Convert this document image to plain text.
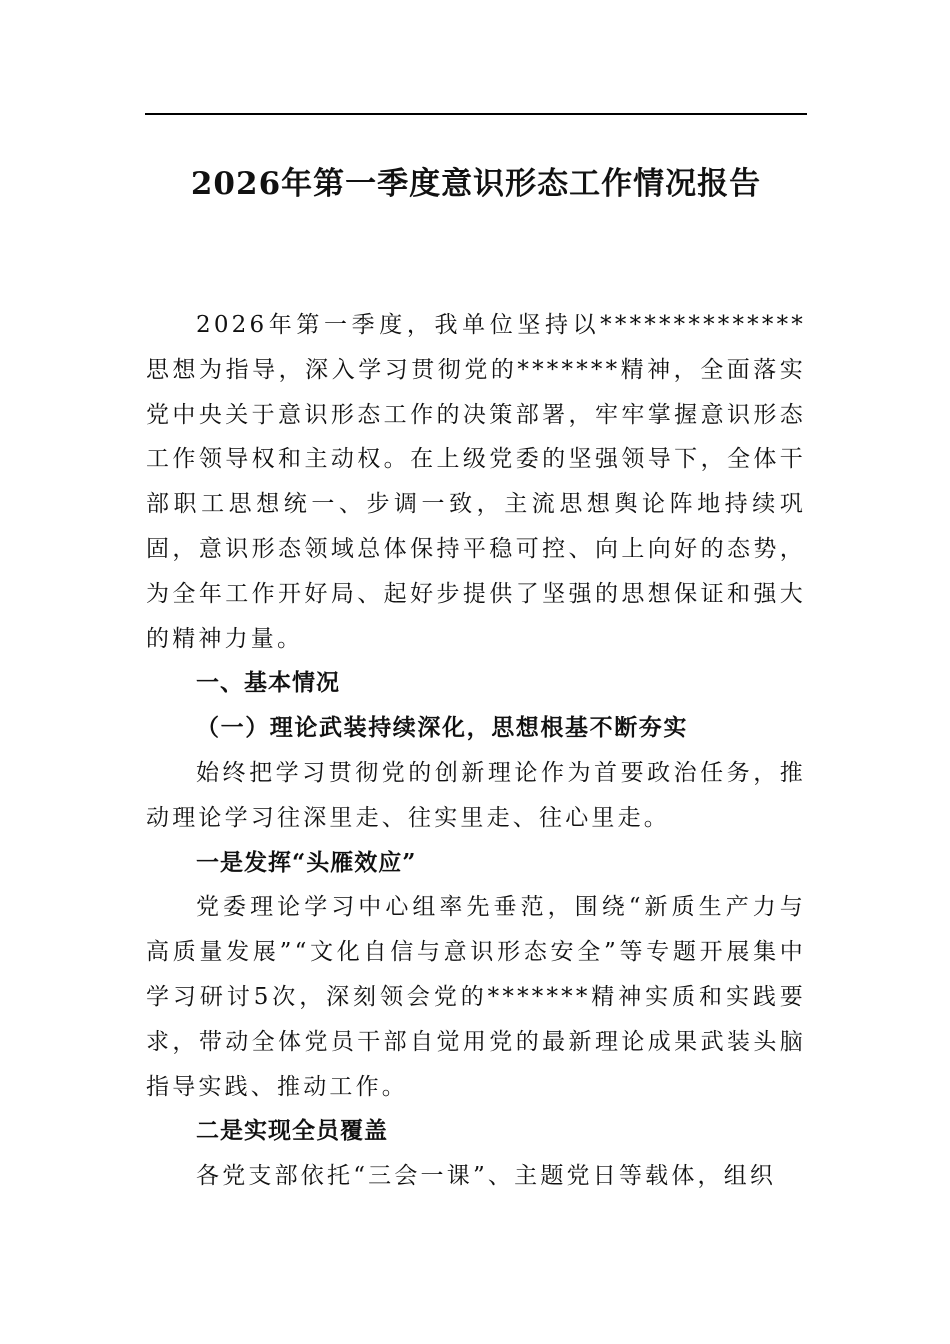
2026年第一季度意识形态工作情况报告

2026年第一季度，我单位坚持以**************思想为指导，深入学习贯彻党的*******精神，全面落实党中央关于意识形态工作的决策部署，牢牢掌握意识形态工作领导权和主动权。在上级党委的坚强领导下，全体干部职工思想统一、步调一致，主流思想舆论阵地持续巩固，意识形态领域总体保持平稳可控、向上向好的态势，为全年工作开好局、起好步提供了坚强的思想保证和强大的精神力量。

一、基本情况

（一）理论武装持续深化，思想根基不断夯实

始终把学习贯彻党的创新理论作为首要政治任务，推动理论学习往深里走、往实里走、往心里走。

一是发挥“头雁效应”

党委理论学习中心组率先垂范，围绕“新质生产力与高质量发展”“文化自信与意识形态安全”等专题开展集中学习研讨5次，深刻领会党的*******精神实质和实践要求，带动全体党员干部自觉用党的最新理论成果武装头脑指导实践、推动工作。

二是实现全员覆盖

各党支部依托“三会一课”、主题党日等载体，组织
